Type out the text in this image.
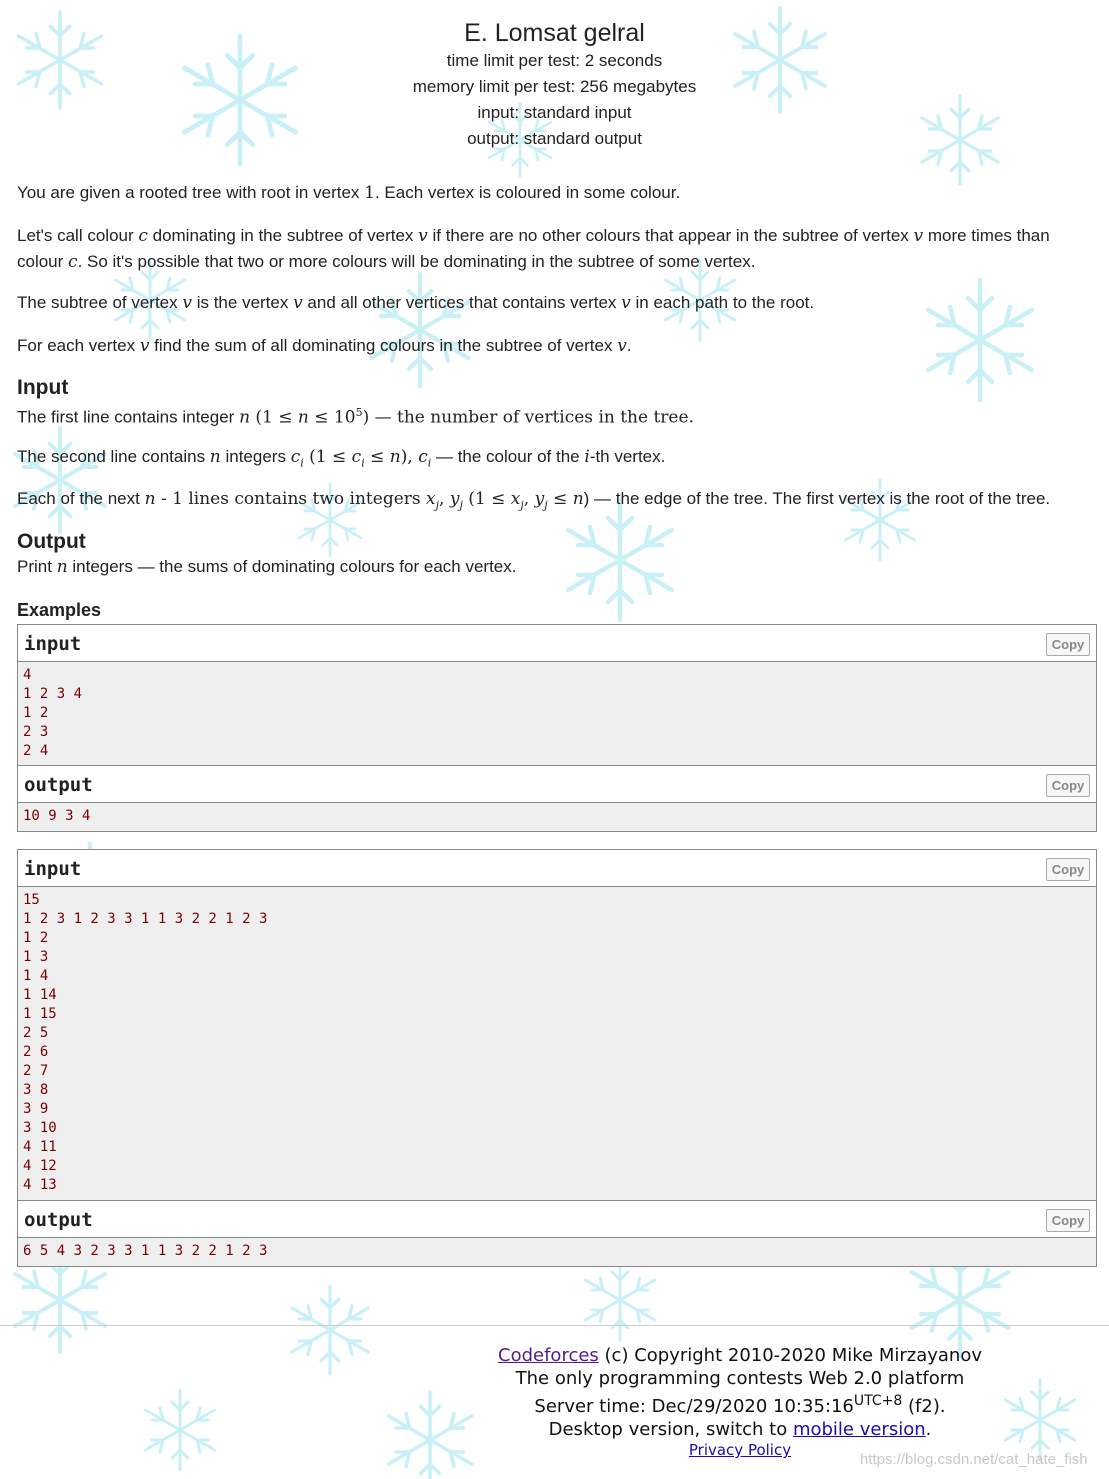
E. Lomsat gelral
time limit per test: 2 seconds
memory limit per test: 256 megabytes
input: standard input
output: standard output

You are given a rooted tree with root in vertex 1. Each vertex is coloured in some colour.

Let's call colour c dominating in the subtree of vertex v if there are no other colours that appear in the subtree of vertex v more times than colour c. So it's possible that two or more colours will be dominating in the subtree of some vertex.

The subtree of vertex v is the vertex v and all other vertices that contains vertex v in each path to the root.

For each vertex v find the sum of all dominating colours in the subtree of vertex v.

Input

The first line contains integer n $(1 \le n \le 10^5)$ — the number of vertices in the tree.

The second line contains n integers $c_i$ $(1 \le c_i \le n)$, $c_i$ — the colour of the i-th vertex.

Each of the next n - 1 lines contains two integers $x_j$, $y_j$ ($1 \le x_j$, $y_j \le n$) — the edge of the tree. The first vertex is the root of the tree.

Output

Print n integers — the sums of dominating colours for each vertex.

Examples
input	Copy
4
1 2 3 4
1 2
2 3
2 4
output	Copy
10 9 3 4
input	Copy
15
1 2 3 1 2 3 3 1 1 3 2 2 1 2 3
1 2
1 3
1 4
1 14
1 15
2 5
2 6
2 7
3 8
3 9
3 10
4 11
4 12
4 13
output	Copy
6 5 4 3 2 3 3 1 1 3 2 2 1 2 3
Codeforces (c) Copyright 2010-2020 Mike Mirzayanov
The only programming contests Web 2.0 platform
Server time: Dec/29/2020 $10:35:16^{UTC+8}$ (f2).
Desktop version, switch to mobile version.
Privacy Policy
https://blog.csdn.net/cat_hate_fish
